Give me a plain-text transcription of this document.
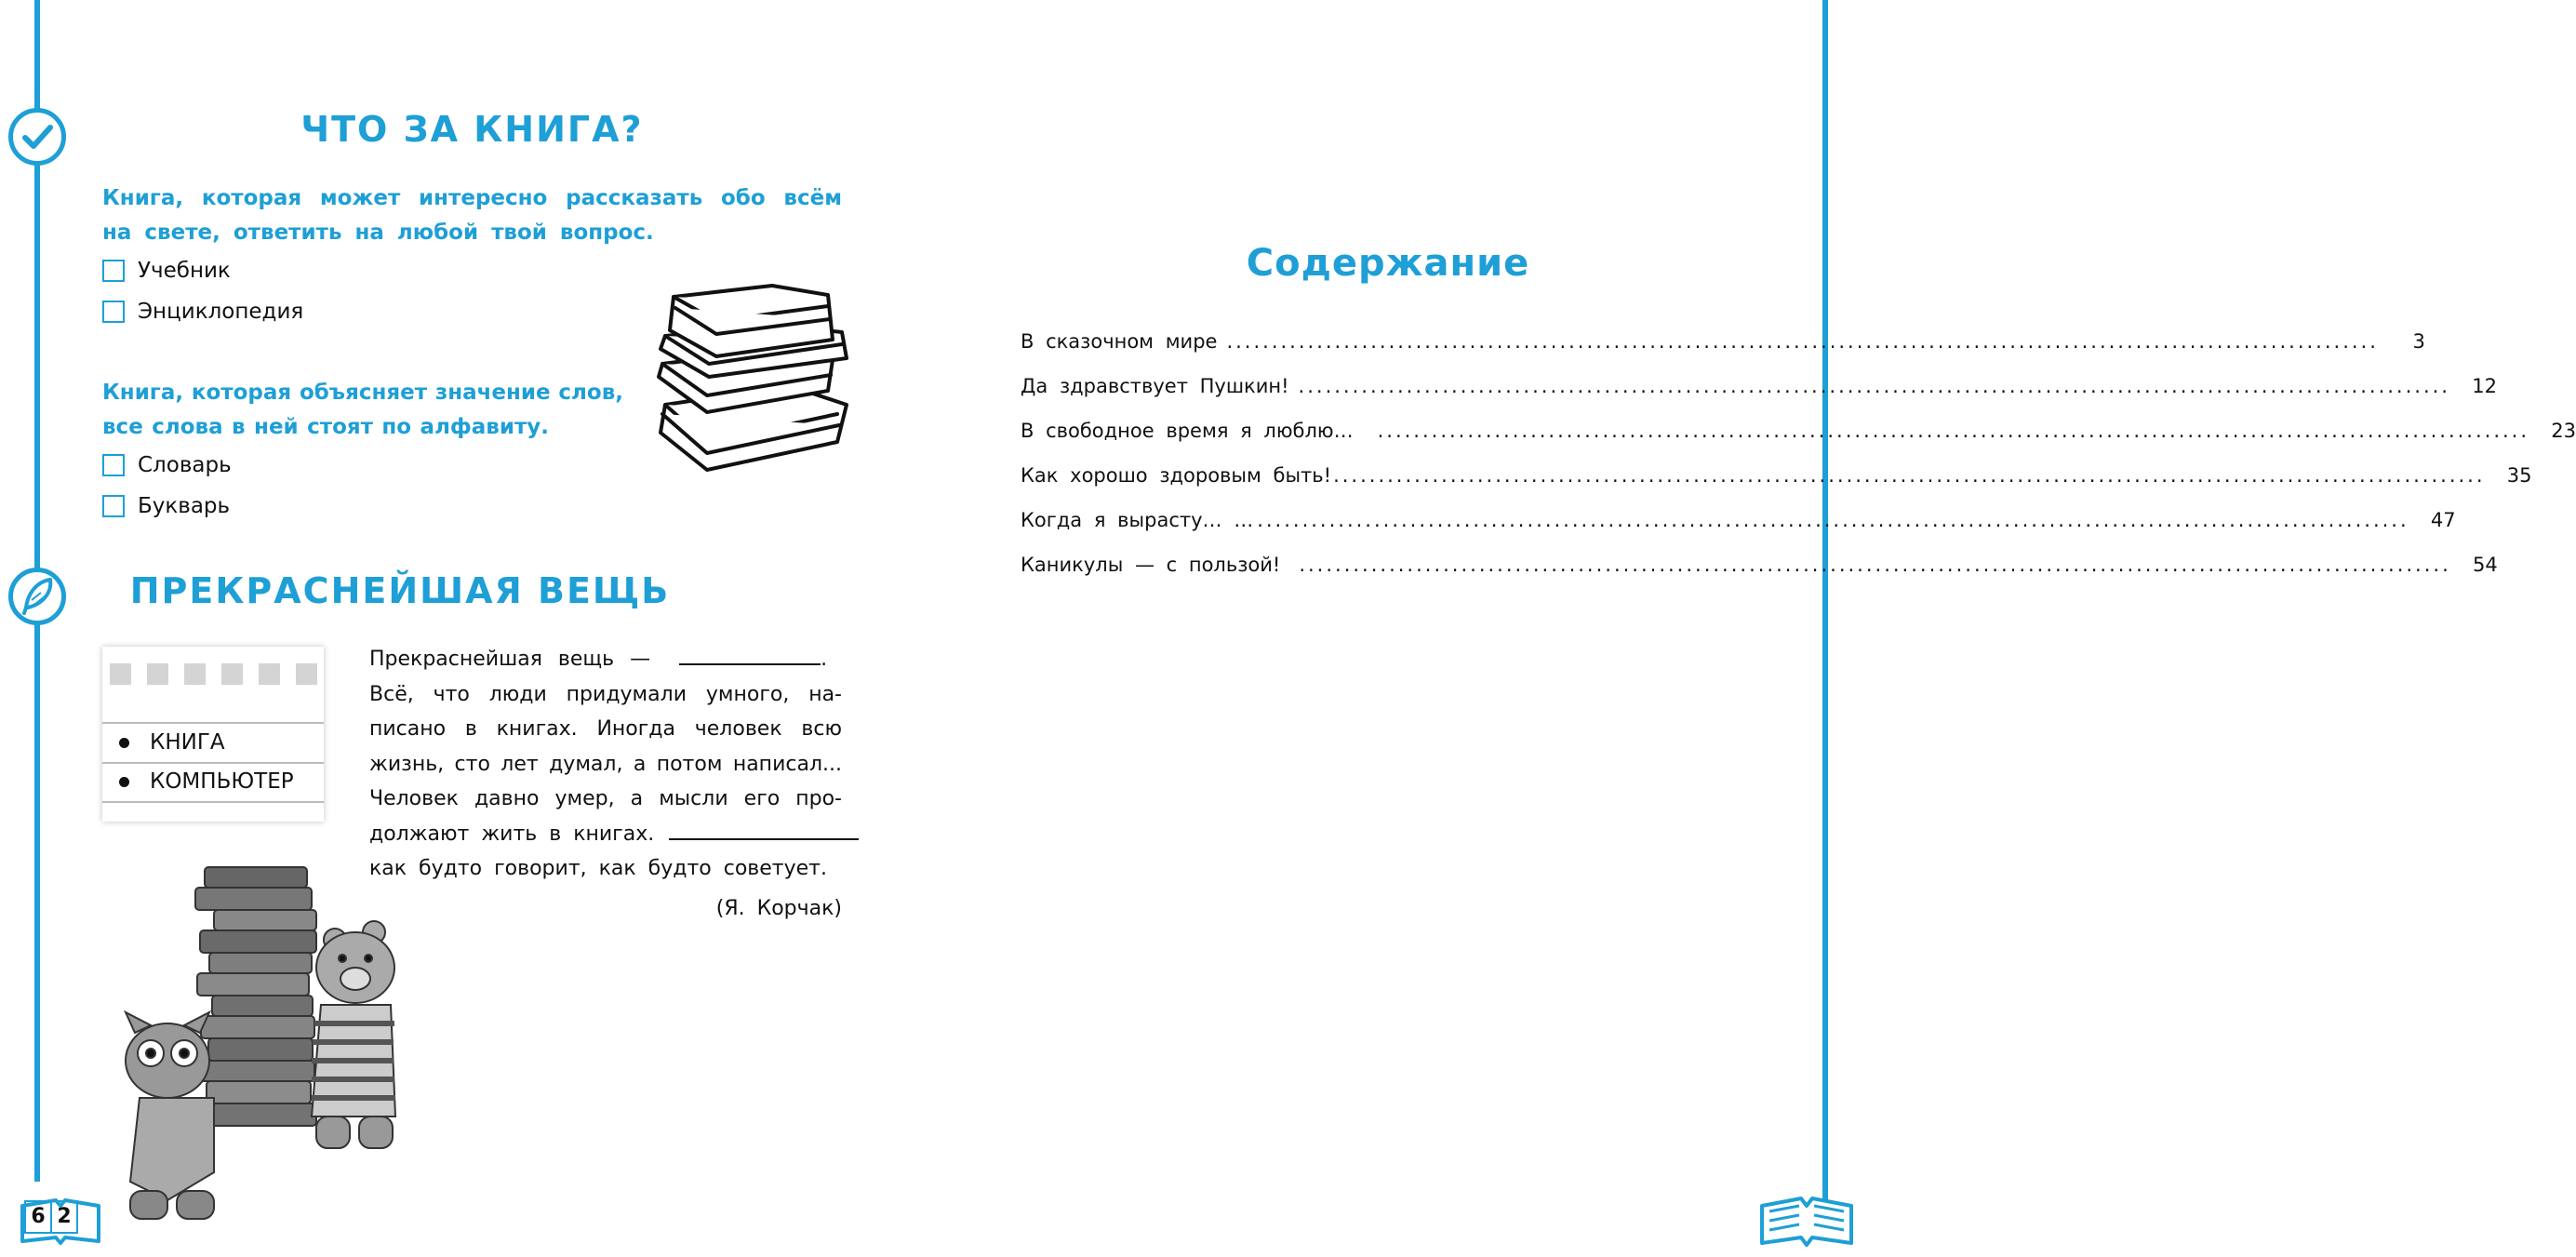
ЧТО ЗА КНИГА?
Книга, которая может интересно рассказать обо всём
на свете, ответить на любой твой вопрос.
Учебник
Энциклопедия
Книга, которая объясняет значение слов,
все слова в ней стоят по алфавиту.
Словарь
Букварь
ПРЕКРАСНЕЙШАЯ ВЕЩЬ
КНИГА
КОМПЬЮТЕР
Прекраснейшая вещь —	.
Всё, что люди придумали умного, на-
писано в книгах. Иногда человек всю
жизнь, сто лет думал, а потом написал...
Человек давно умер, а мысли его про-
должают жить в книгах.
как будто говорит, как будто советует.
(Я. Корчак)
6 2
Содержание
В сказочном мире ................................................................................................................................	3
Да здравствует Пушкин! ................................................................................................................................	12
В свободное время я люблю… ................................................................................................................................	23
Как хорошо здоровым быть! ................................................................................................................................	35
Когда я вырасту… … ................................................................................................................................	47
Каникулы — с пользой! ................................................................................................................................	54
